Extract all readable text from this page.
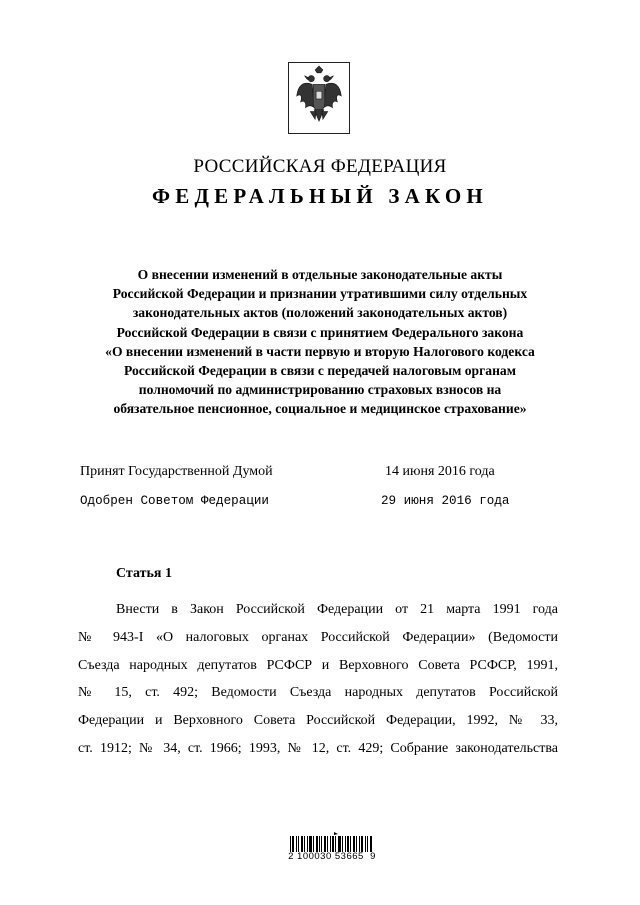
РОССИЙСКАЯ ФЕДЕРАЦИЯ
ФЕДЕРАЛЬНЫЙ ЗАКОН
О внесении изменений в отдельные законодательные акты
Российской Федерации и признании утратившими силу отдельных
законодательных актов (положений законодательных актов)
Российской Федерации в связи с принятием Федерального закона
«О внесении изменений в части первую и вторую Налогового кодекса
Российской Федерации в связи с передачей налоговым органам
полномочий по администрированию страховых взносов на
обязательное пенсионное, социальное и медицинское страхование»
Принят Государственной Думой	14 июня 2016 года
Одобрен Советом Федерации	29 июня 2016 года
Статья 1
Внести в Закон Российской Федерации от 21 марта 1991 года
№ 943-I «О налоговых органах Российской Федерации» (Ведомости
Съезда народных депутатов РСФСР и Верховного Совета РСФСР, 1991,
№ 15, ст. 492; Ведомости Съезда народных депутатов Российской
Федерации и Верховного Совета Российской Федерации, 1992, № 33,
ст. 1912; № 34, ст. 1966; 1993, № 12, ст. 429; Собрание законодательства
2 100030 53665  9
